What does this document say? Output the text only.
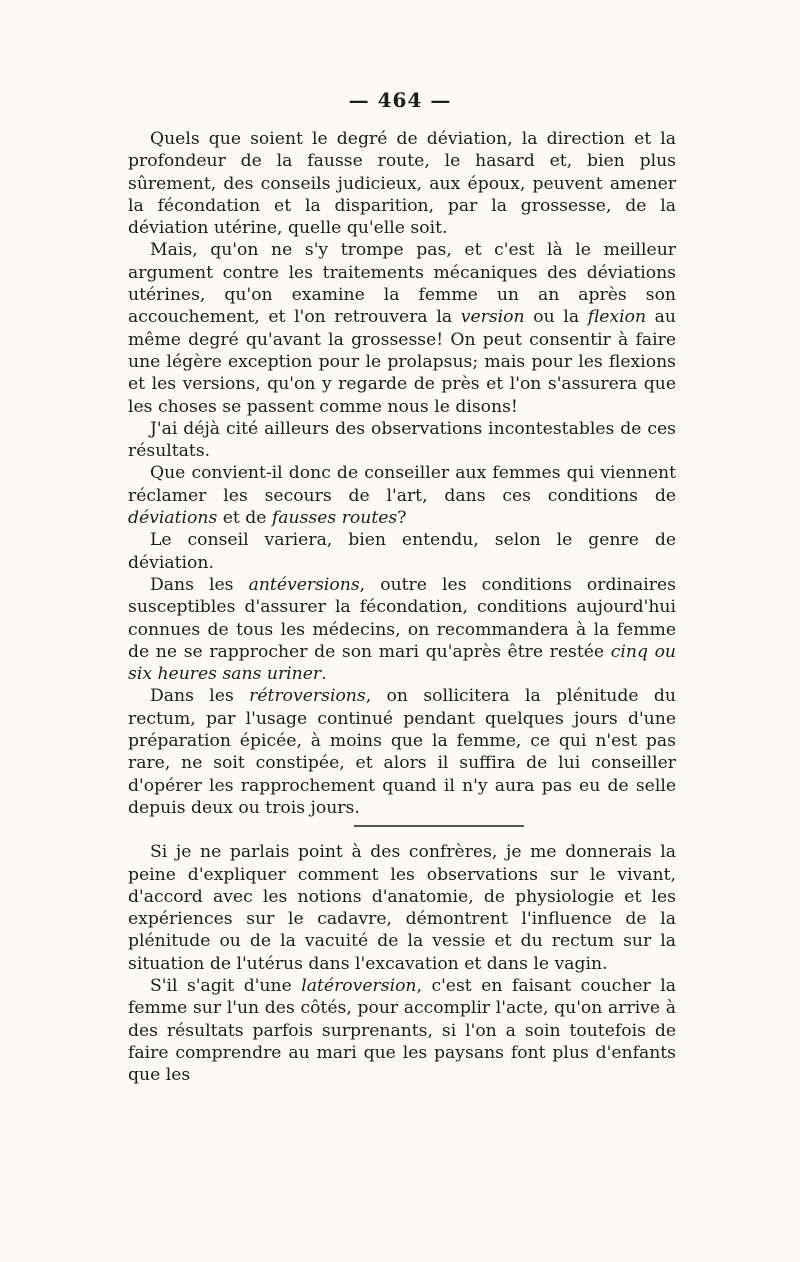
— 464 —

Quels que soient le degré de déviation, la direction et la profondeur de la fausse route, le hasard et, bien plus sûrement, des conseils judicieux, aux époux, peuvent amener la fécondation et la disparition, par la grossesse, de la déviation utérine, quelle qu'elle soit.

Mais, qu'on ne s'y trompe pas, et c'est là le meilleur argument contre les traitements mécaniques des déviations utérines, qu'on examine la femme un an après son accouchement, et l'on retrouvera la version ou la flexion au même degré qu'avant la grossesse! On peut consentir à faire une légère exception pour le prolapsus; mais pour les flexions et les versions, qu'on y regarde de près et l'on s'assurera que les choses se passent comme nous le disons!

J'ai déjà cité ailleurs des observations incontestables de ces résultats.

Que convient-il donc de conseiller aux femmes qui viennent réclamer les secours de l'art, dans ces conditions de déviations et de fausses routes?

Le conseil variera, bien entendu, selon le genre de déviation.

Dans les antéversions, outre les conditions ordinaires susceptibles d'assurer la fécondation, conditions aujourd'hui connues de tous les médecins, on recommandera à la femme de ne se rapprocher de son mari qu'après être restée cinq ou six heures sans uriner.

Dans les rétroversions, on sollicitera la plénitude du rectum, par l'usage continué pendant quelques jours d'une préparation épicée, à moins que la femme, ce qui n'est pas rare, ne soit constipée, et alors il suffira de lui conseiller d'opérer les rapprochement quand il n'y aura pas eu de selle depuis deux ou trois jours.

Si je ne parlais point à des confrères, je me donnerais la peine d'expliquer comment les observations sur le vivant, d'accord avec les notions d'anatomie, de physiologie et les expériences sur le cadavre, démontrent l'influence de la plénitude ou de la vacuité de la vessie et du rectum sur la situation de l'utérus dans l'excavation et dans le vagin.

S'il s'agit d'une latéroversion, c'est en faisant coucher la femme sur l'un des côtés, pour accomplir l'acte, qu'on arrive à des résultats parfois surprenants, si l'on a soin toutefois de faire comprendre au mari que les paysans font plus d'enfants que les
